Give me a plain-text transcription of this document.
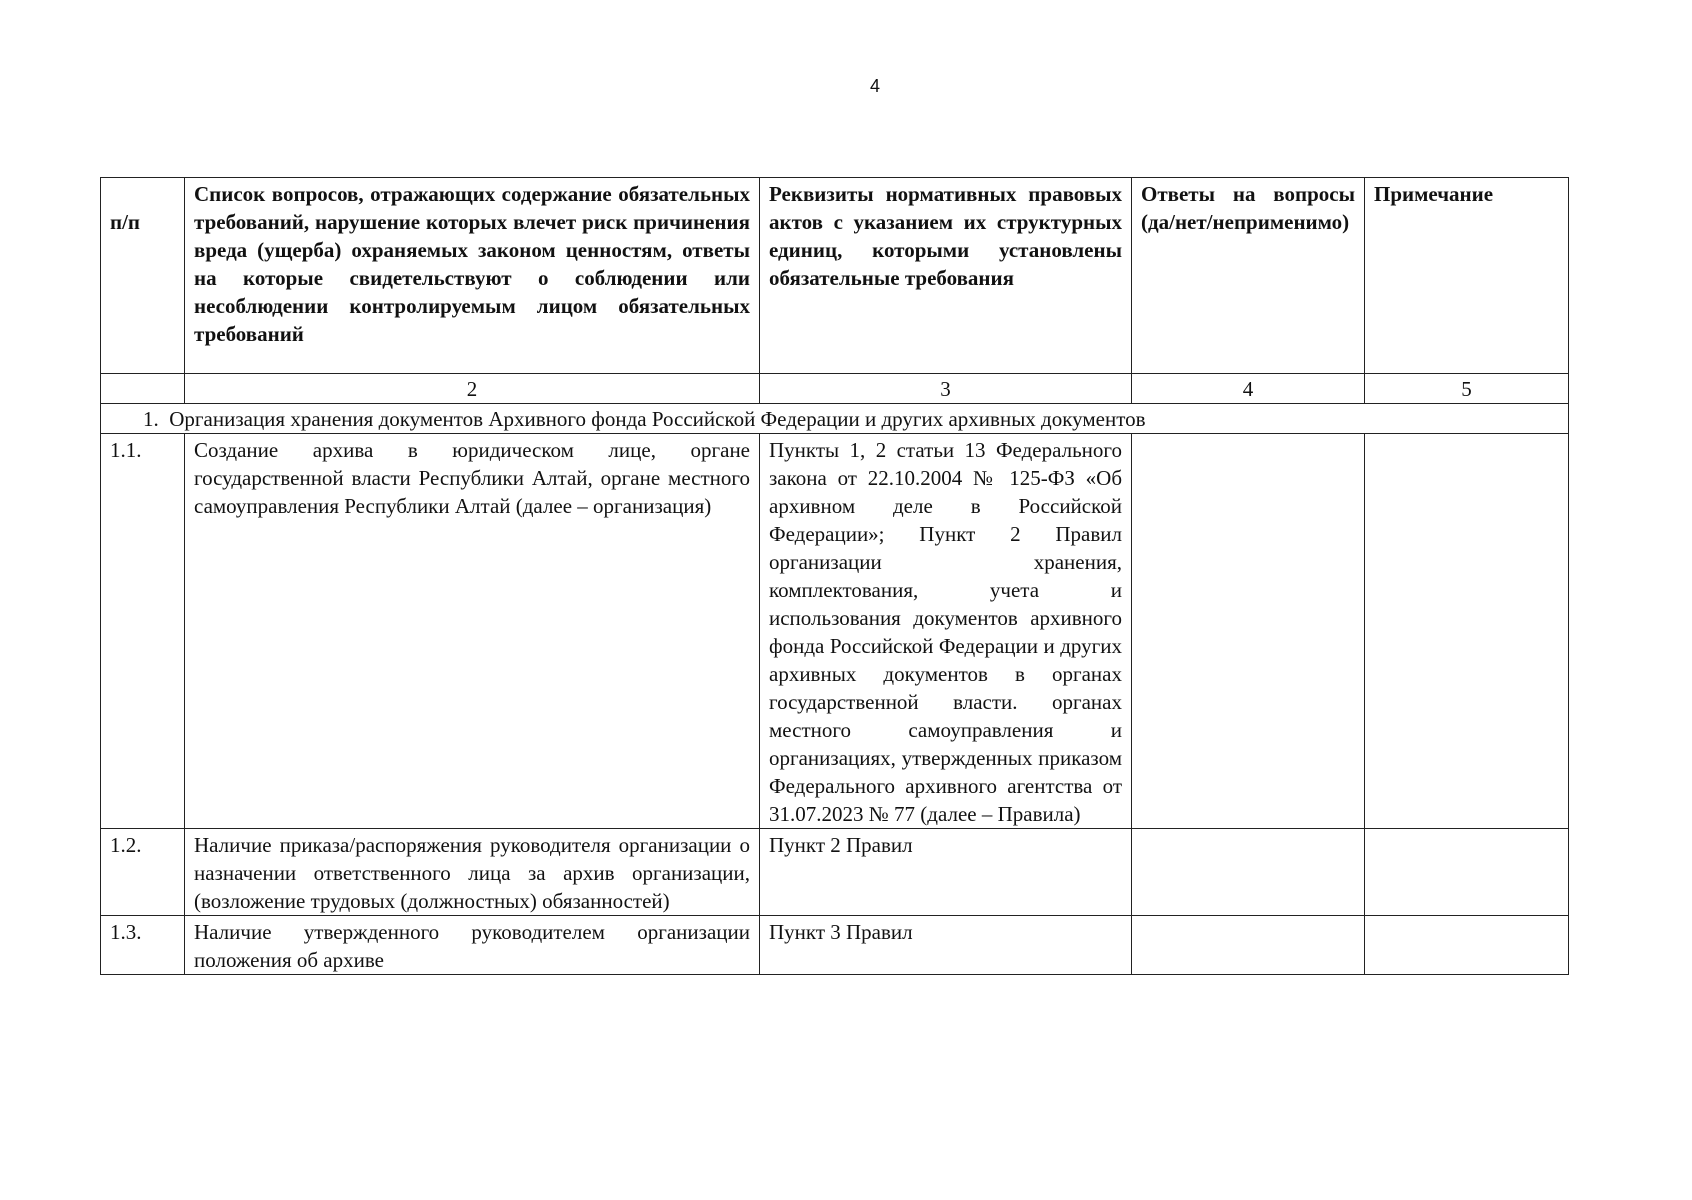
4
п/п	Список вопросов, отражающих содержание обязательных требований, нарушение которых влечет риск причинения вреда (ущерба) охраняемых законом ценностям, ответы на которые свидетельствуют о соблюдении или несоблюдении контролируемым лицом обязательных требований	Реквизиты нормативных правовых актов с указанием их структурных единиц, которыми установлены обязательные требования	Ответы на вопросы (да/нет/неприменимо)	Примечание
	2	3	4	5
1. Организация хранения документов Архивного фонда Российской Федерации и других архивных документов				
1.1.	Создание архива в юридическом лице, органе государственной власти Республики Алтай, органе местного самоуправления Республики Алтай (далее – организация)	Пункты 1, 2 статьи 13 Федерального закона от 22.10.2004 № 125-ФЗ «Об архивном деле в Российской Федерации»; Пункт 2 Правил организации хранения, комплектования, учета и использования документов архивного фонда Российской Федерации и других архивных документов в органах государственной власти. органах местного самоуправления и организациях, утвержденных приказом Федерального архивного агентства от 31.07.2023 № 77 (далее – Правила)		
1.2.	Наличие приказа/распоряжения руководителя организации о назначении ответственного лица за архив организации, (возложение трудовых (должностных) обязанностей)	Пункт 2 Правил		
1.3.	Наличие утвержденного руководителем организации положения об архиве	Пункт 3 Правил		
